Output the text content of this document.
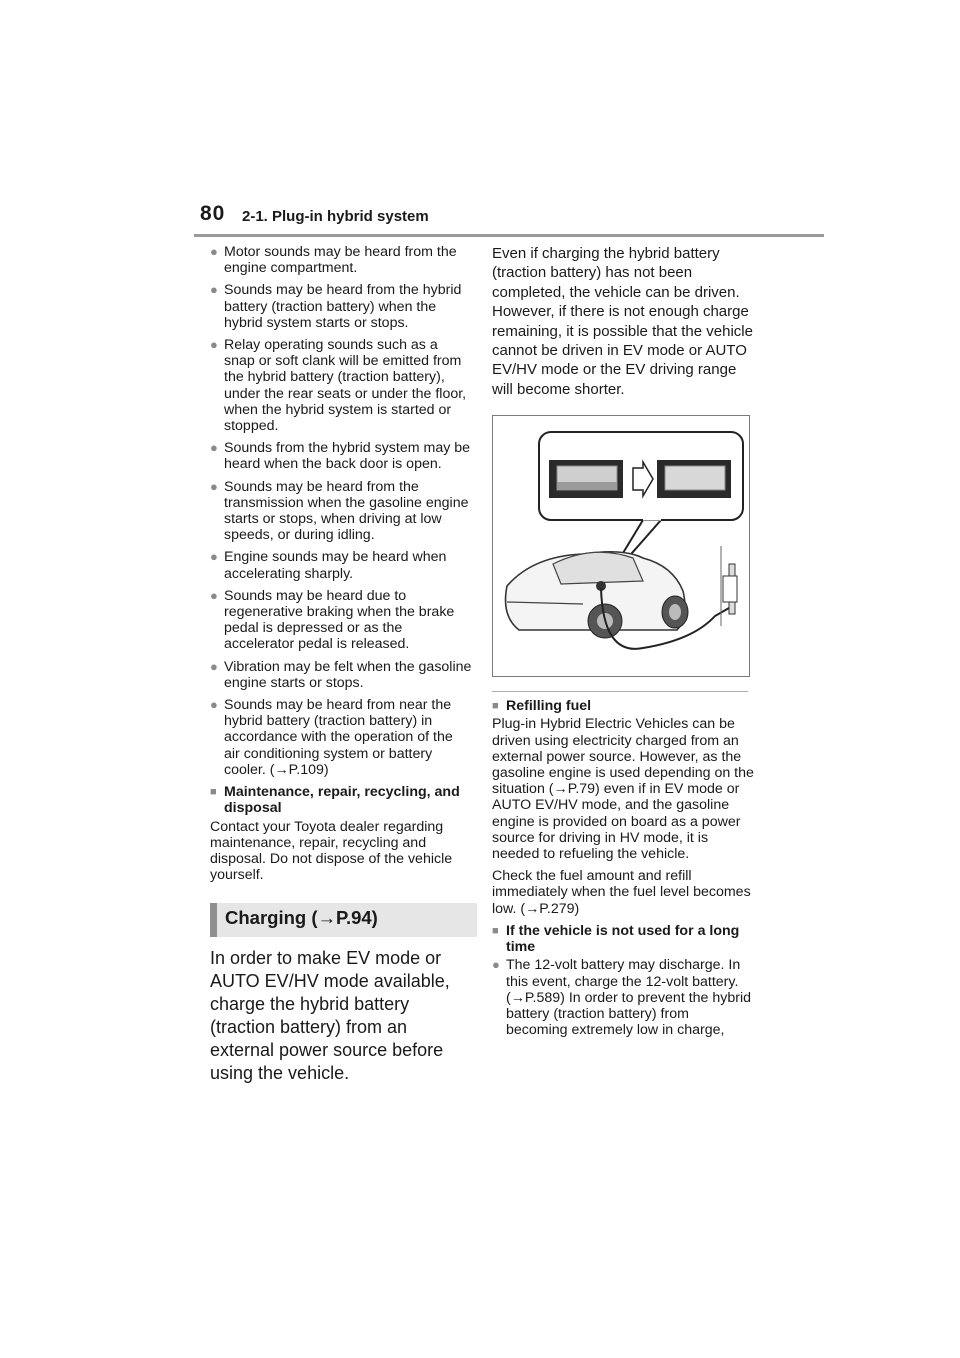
80 2-1. Plug-in hybrid system
● Motor sounds may be heard from the engine compartment.
● Sounds may be heard from the hybrid battery (traction battery) when the hybrid system starts or stops.
● Relay operating sounds such as a snap or soft clank will be emitted from the hybrid battery (traction battery), under the rear seats or under the floor, when the hybrid system is started or stopped.
● Sounds from the hybrid system may be heard when the back door is open.
● Sounds may be heard from the transmission when the gasoline engine starts or stops, when driving at low speeds, or during idling.
● Engine sounds may be heard when accelerating sharply.
● Sounds may be heard due to regenerative braking when the brake pedal is depressed or as the accelerator pedal is released.
● Vibration may be felt when the gasoline engine starts or stops.
● Sounds may be heard from near the hybrid battery (traction battery) in accordance with the operation of the air conditioning system or battery cooler. (→P.109)
■ Maintenance, repair, recycling, and disposal
Contact your Toyota dealer regarding maintenance, repair, recycling and disposal. Do not dispose of the vehicle yourself.
Charging (→P.94)
In order to make EV mode or AUTO EV/HV mode available, charge the hybrid battery (traction battery) from an external power source before using the vehicle.
Even if charging the hybrid battery (traction battery) has not been completed, the vehicle can be driven. However, if there is not enough charge remaining, it is possible that the vehicle cannot be driven in EV mode or AUTO EV/HV mode or the EV driving range will become shorter.
■ Refilling fuel
Plug-in Hybrid Electric Vehicles can be driven using electricity charged from an external power source. However, as the gasoline engine is used depending on the situation (→P.79) even if in EV mode or AUTO EV/HV mode, and the gasoline engine is provided on board as a power source for driving in HV mode, it is needed to refueling the vehicle.
Check the fuel amount and refill immediately when the fuel level becomes low. (→P.279)
■ If the vehicle is not used for a long time
● The 12-volt battery may discharge. In this event, charge the 12-volt battery. (→P.589) In order to prevent the hybrid battery (traction battery) from becoming extremely low in charge,
